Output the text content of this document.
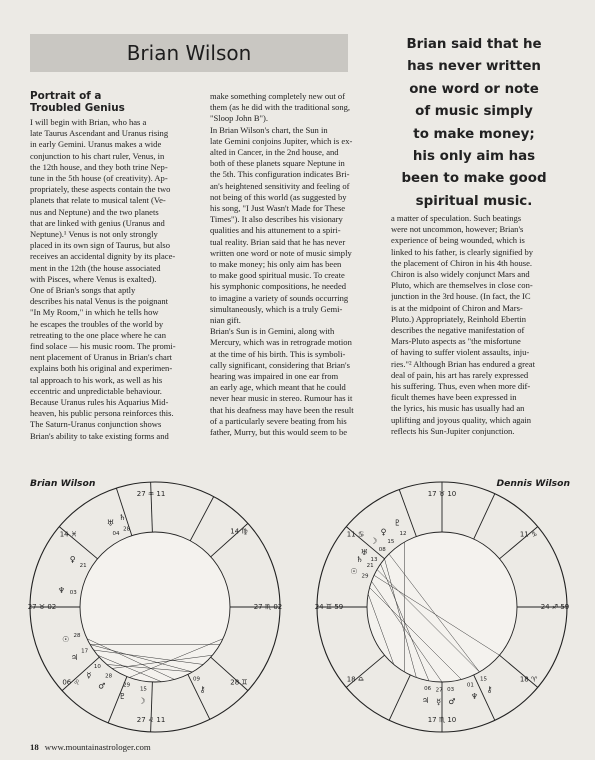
Brian Wilson	Brian said that he
has never written
one word or note
of music simply
to make money;
his only aim has
been to make good
spiritual music.
Portrait of a
Troubled Genius
I will begin with Brian, who has a
late Taurus Ascendant and Uranus rising
in early Gemini. Uranus makes a wide
conjunction to his chart ruler, Venus, in
the 12th house, and they both trine Nep-
tune in the 5th house (of creativity). Ap-
propriately, these aspects contain the two
planets that relate to musical talent (Ve-
nus and Neptune) and the two planets
that are linked with genius (Uranus and
Neptune).¹ Venus is not only strongly
placed in its own sign of Taurus, but also
receives an accidental dignity by its place-
ment in the 12th (the house associated
with Pisces, where Venus is exalted).
One of Brian's songs that aptly
describes his natal Venus is the poignant
"In My Room," in which he tells how
he escapes the troubles of the world by
retreating to the one place where he can
find solace — his music room. The promi-
nent placement of Uranus in Brian's chart
explains both his original and experimen-
tal approach to his work, as well as his
eccentric and unpredictable behaviour.
Because Uranus rules his Aquarius Mid-
heaven, his public persona reinforces this.
The Saturn-Uranus conjunction shows
Brian's ability to take existing forms and
make something completely new out of
them (as he did with the traditional song,
"Sloop John B").
In Brian Wilson's chart, the Sun in
late Gemini conjoins Jupiter, which is ex-
alted in Cancer, in the 2nd house, and
both of these planets square Neptune in
the 5th. This configuration indicates Bri-
an's heightened sensitivity and feeling of
not being of this world (as suggested by
his song, "I Just Wasn't Made for These
Times"). It also describes his visionary
qualities and his attunement to a spiri-
tual reality. Brian said that he has never
written one word or note of music simply
to make money; his only aim has been
to make good spiritual music. To create
his symphonic compositions, he needed
to imagine a variety of sounds occurring
simultaneously, which is a truly Gemi-
nian gift.
Brian's Sun is in Gemini, along with
Mercury, which was in retrograde motion
at the time of his birth. This is symboli-
cally significant, considering that Brian's
hearing was impaired in one ear from
an early age, which meant that he could
never hear music in stereo. Rumour has it
that his deafness may have been the result
of a particularly severe beating from his
father, Murry, but this would seem to be
a matter of speculation. Such beatings
were not uncommon, however; Brian's
experience of being wounded, which is
linked to his father, is clearly signified by
the placement of Chiron in his 4th house.
Chiron is also widely conjunct Mars and
Pluto, which are themselves in close con-
junction in the 3rd house. (In fact, the IC
is at the midpoint of Chiron and Mars-
Pluto.) Appropriately, Reinhold Ebertin
describes the negative manifestation of
Mars-Pluto aspects as "the misfortune
of having to suffer violent assaults, inju-
ries."² Although Brian has endured a great
deal of pain, his art has rarely expressed
his suffering. Thus, even when more dif-
ficult themes have been expressed in
the lyrics, his music has usually had an
uplifting and joyous quality, which again
reflects his Sun-Jupiter conjunction.
Brian Wilson	Dennis Wilson
27 ♒ 11
27 ♉ 02	27 ♏ 02
27 ♌ 11
14 ♓	14 ♍
06 ♌	28 ♊
♅
04
♄
28
♀
21
♆ 03
☉ 28
♃
17
☿
10
♂
28
♇
29
☽
15	⚷
09
17 ♉ 10
24 ♊ 59	24 ♐ 59
17 ♏ 10
11 ♋	11 ♑
18 ♈
18 ♎
♇
12
♀
15
☽
08
♅
13
♄
21
☉
29
♃
06
☿
27
♂
03
♆
01 ⚷
15
18 www.mountainastrologer.com
